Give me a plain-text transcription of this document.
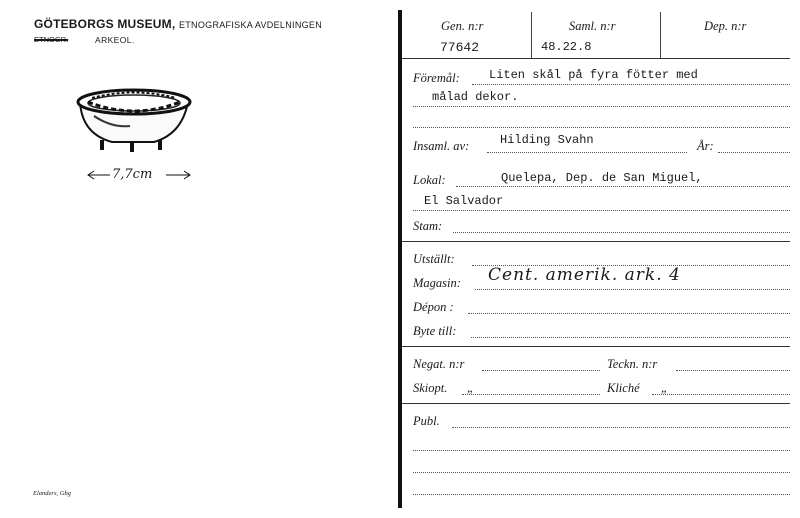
GÖTEBORGS MUSEUM, ETNOGRAFISKA AVDELNINGEN
ETNOGR.	ARKEOL.
7,7cm
Elanders, Gbg
Gen. n:r	Saml. n:r	Dep. n:r
77642	48.22.8
Föremål: Liten skål på fyra fötter med
målad dekor.
Insaml. av:	Hilding Svahn	År:
Lokal:	Quelepa, Dep. de San Miguel,
El Salvador
Stam:
Utställt:
Magasin: Cent. amerik. ark. 4
Dépon :
Byte till:
Negat. n:r	Teckn. n:r
Skiopt. „	Kliché „
Publ.
